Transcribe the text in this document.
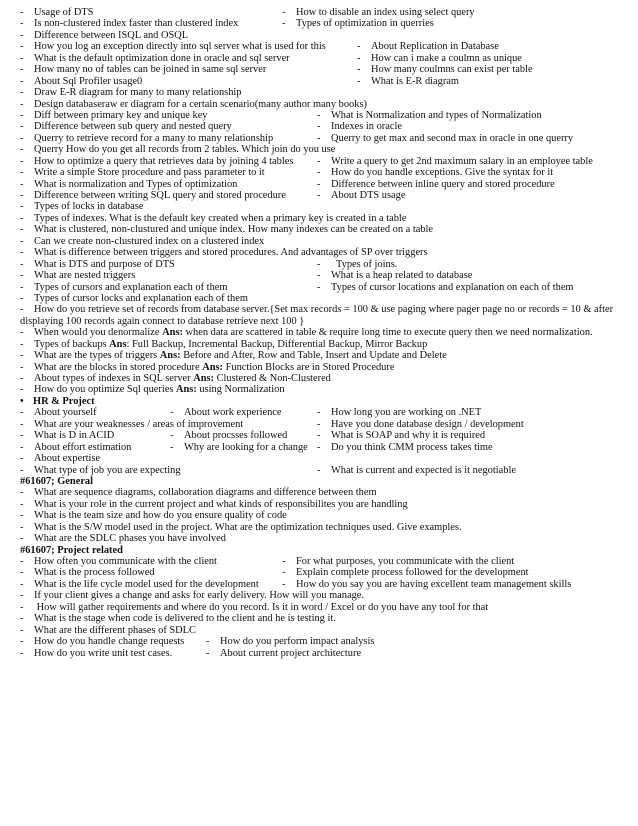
- Usage of DTS	- How to disable an index using select query
- Is non-clustered index faster than clustered index	- Types of optimization in querries
- Difference between ISQL and OSQL
- How you log an exception directly into sql server what is used for this	- About Replication in Database
- What is the default optimization done in oracle and sql server	- How can i make a coulmn as unique
- How many no of tables can be joined in same sql server	- How many coulmns can exist per table
- About Sql Profiler usage0	- What is E-R diagram
- Draw E-R diagram for many to many relationship
- Design databaseraw er diagram for a certain scenario(many author many books)
- Diff between primary key and unique key	- What is Normalization and types of Normalization
- Difference between sub query and nested query	- Indexes in oracle
- Querry to retrieve record for a many to many relationship	- Querry to get max and second max in oracle in one querry
- Querry How do you get all records from 2 tables. Which join do you use
- How to optimize a query that retrieves data by joining 4 tables - Write a query to get 2nd maximum salary in an employee table
- Write a simple Store procedure and pass parameter to it	- How do you handle exceptions. Give the syntax for it
- What is normalization and Types of optimization	- Difference between inline query and stored procedure
- Difference between writing SQL query and stored procedure	- About DTS usage
- Types of locks in database
- Types of indexes. What is the default key created when a primary key is created in a table
- What is clustered, non-clustured and unique index. How many indexes can be created on a table
- Can we create non-clustured index on a clustered index
- What is difference between triggers and stored procedures. And advantages of SP over triggers
- What is DTS and purpose of DTS	-  Types of joins.
- What are nested triggers	- What is a heap related to database
- Types of cursors and explanation each of them	- Types of cursor locations and explanation on each of them
- Types of cursor locks and explanation each of them
- How do you retrieve set of records from database server.{Set max records = 100 & use paging where pager page no or records = 10 & after displaying 100 records again connect to database retrieve next 100 }
- When would you denormalize Ans: when data are scattered in table & require long time to execute query then we need normalization.
- Types of backups Ans: Full Backup, Incremental Backup, Differential Backup, Mirror Backup
- What are the types of triggers Ans: Before and After, Row and Table, Insert and Update and Delete
- What are the blocks in stored procedure Ans: Function Blocks are in Stored Procedure
- About types of indexes in SQL server Ans: Clustered & Non-Clustered
- How do you optimize Sql queries Ans: using Normalization
• HR & Project
- About yourself	- About work experience	- How long you are working on .NET
- What are your weaknesses / areas of improvement	- Have you done database design / development
- What is D in ACID	- About procsses followed	- What is SOAP and why it is required
- About effort estimation	- Why are looking for a change - Do you think CMM process takes time
- About expertise
- What type of job you are expecting	- What is current and expected is it negotiable
#61607; General
- What are sequence diagrams, collaboration diagrams and difference between them
- What is your role in the current project and what kinds of responsibilites you are handling
- What is the team size and how do you ensure quality of code
- What is the S/W model used in the project. What are the optimization techniques used. Give examples.
- What are the SDLC phases you have involved
#61607; Project related
- How often you communicate with the client	- For what purposes, you communicate with the client
- What is the process followed	- Explain complete process followed for the development
- What is the life cycle model used for the development - How do you say you are having excellent team management skills
- If your client gives a change and asks for early delivery. How will you manage.
- How will gather requirements and where do you record. Is it in word / Excel or do you have any tool for that
- What is the stage when code is delivered to the client and he is testing it.
- What are the different phases of SDLC
- How do you handle change requests - How do you perform impact analysis
- How do you write unit test cases.	- About current project architecture
